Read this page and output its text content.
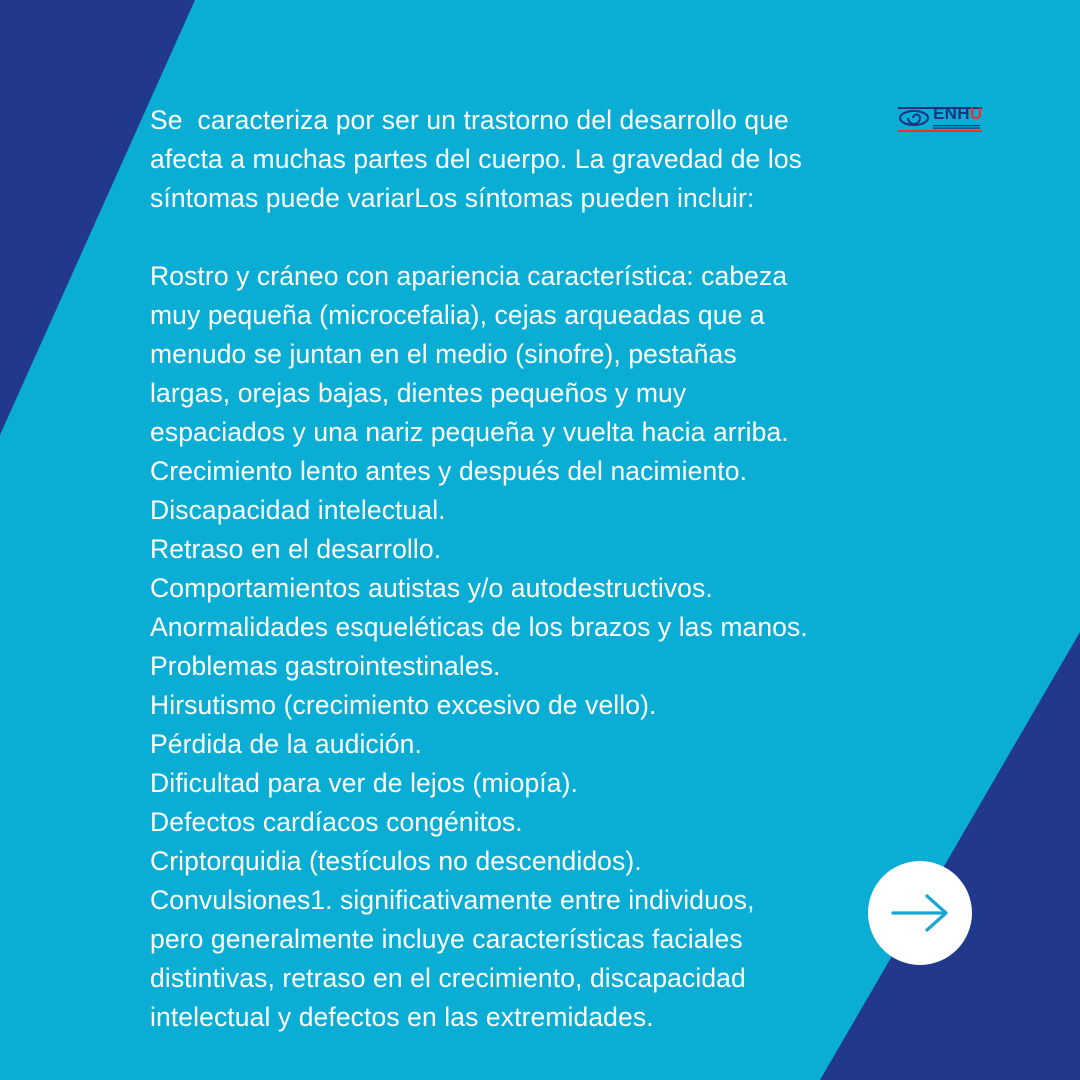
ENHU
Se  caracteriza por ser un trastorno del desarrollo que
afecta a muchas partes del cuerpo. La gravedad de los
síntomas puede variarLos síntomas pueden incluir:
Rostro y cráneo con apariencia característica: cabeza
muy pequeña (microcefalia), cejas arqueadas que a
menudo se juntan en el medio (sinofre), pestañas
largas, orejas bajas, dientes pequeños y muy
espaciados y una nariz pequeña y vuelta hacia arriba.
Crecimiento lento antes y después del nacimiento.
Discapacidad intelectual.
Retraso en el desarrollo.
Comportamientos autistas y/o autodestructivos.
Anormalidades esqueléticas de los brazos y las manos.
Problemas gastrointestinales.
Hirsutismo (crecimiento excesivo de vello).
Pérdida de la audición.
Dificultad para ver de lejos (miopía).
Defectos cardíacos congénitos.
Criptorquidia (testículos no descendidos).
Convulsiones1. significativamente entre individuos,
pero generalmente incluye características faciales
distintivas, retraso en el crecimiento, discapacidad
intelectual y defectos en las extremidades.
